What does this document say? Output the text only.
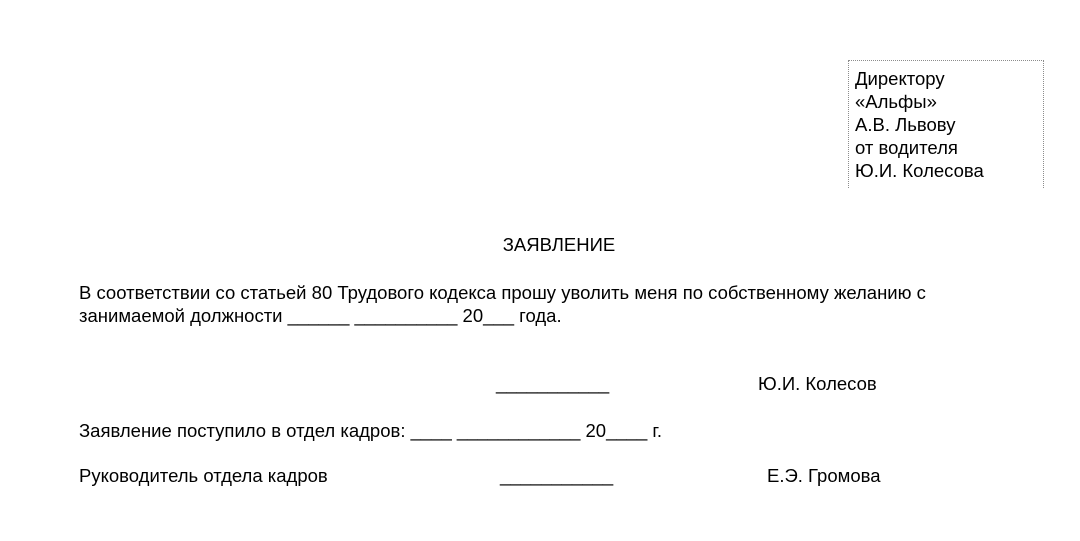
Директору
«Альфы»
А.В. Львову
от водителя
Ю.И. Колесова
ЗАЯВЛЕНИЕ
В соответствии со статьей 80 Трудового кодекса прошу уволить меня по собственному желанию с
занимаемой должности ______ __________ 20___ года.
___________	Ю.И. Колесов
Заявление поступило в отдел кадров: ____ ____________ 20____ г.
Руководитель отдела кадров	___________	Е.Э. Громова
